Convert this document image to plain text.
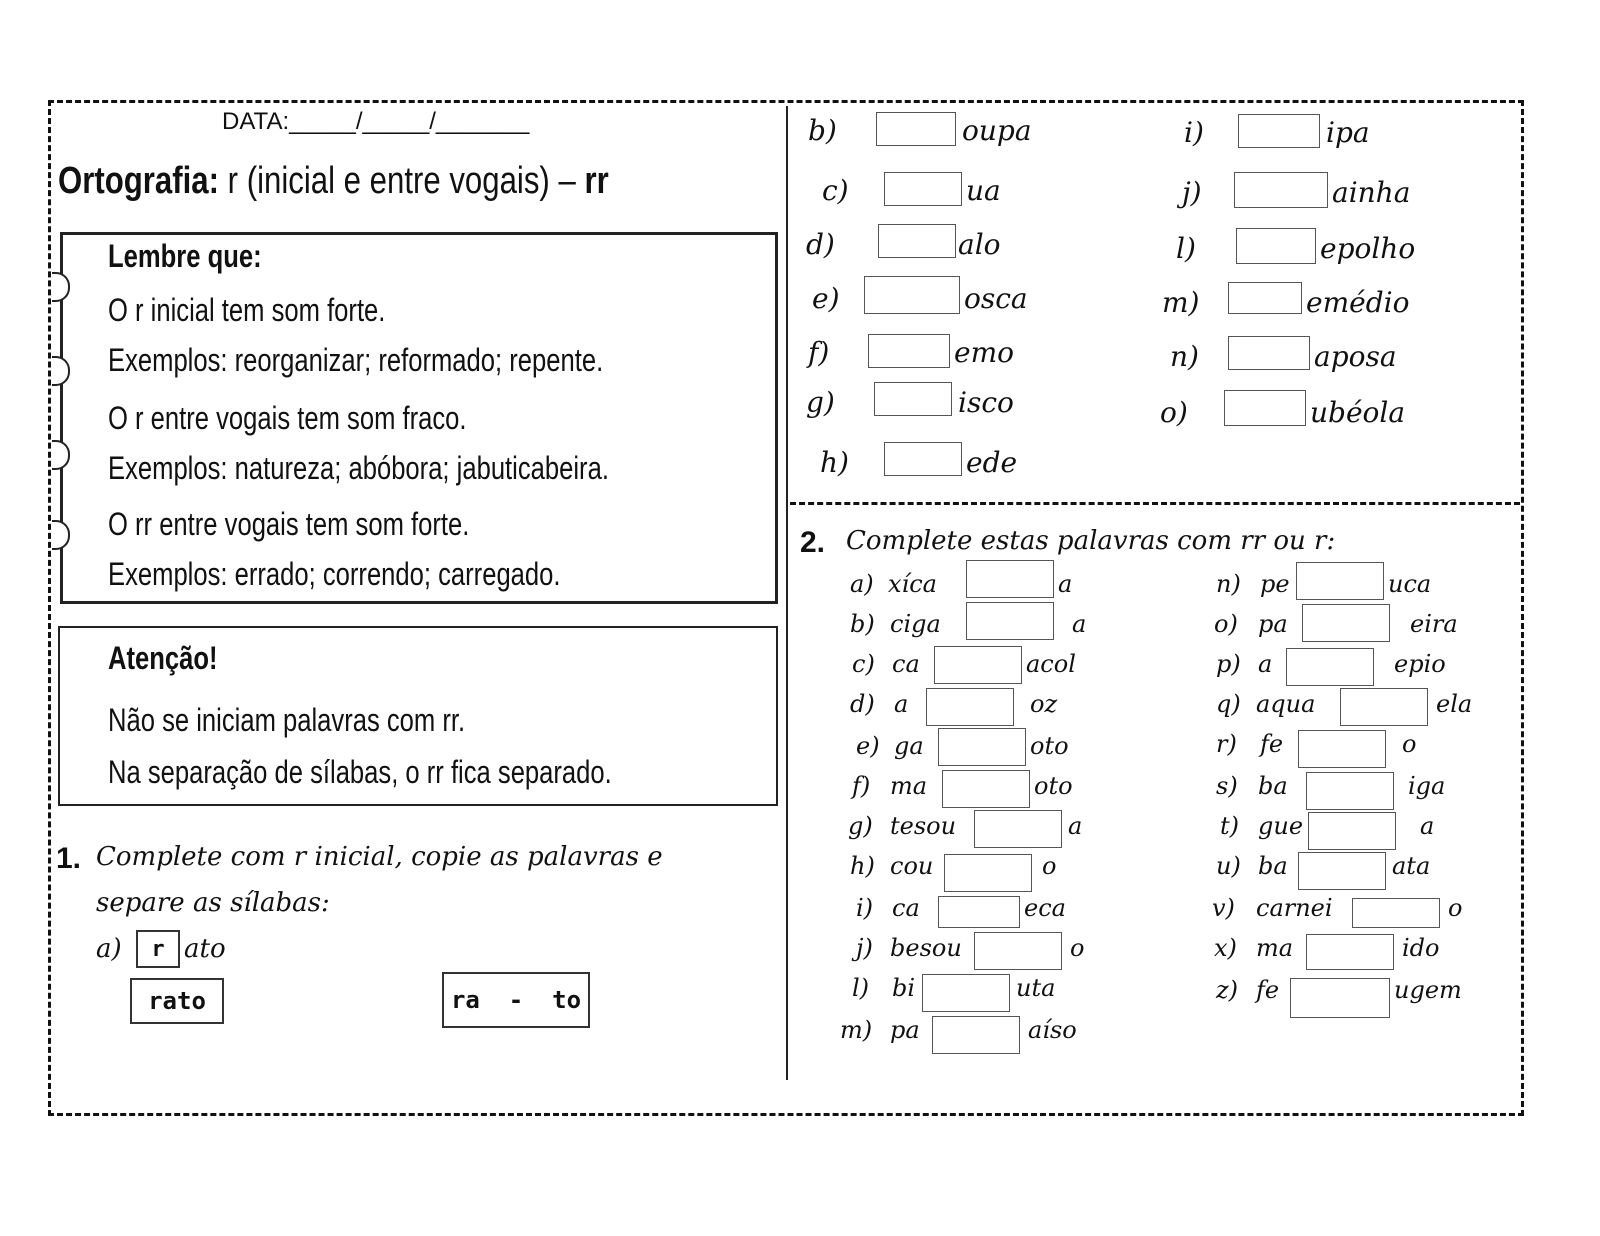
DATA:_____/_____/_______
Ortografia: r (inicial e entre vogais) – rr
Lembre que:
O r inicial tem som forte.
Exemplos: reorganizar; reformado; repente.
O r entre vogais tem som fraco.
Exemplos: natureza; abóbora; jabuticabeira.
O rr entre vogais tem som forte.
Exemplos: errado; correndo; carregado.
Atenção!
Não se iniciam palavras com rr.
Na separação de sílabas, o rr fica separado.
1. Complete com r inicial, copie as palavras e
separe as sílabas:
a)	r ato
rato	ra  -  to
b)	oupa
c)	ua
d)	alo
e)	osca
f)	emo
g)	isco
h)	ede
i)	ipa
j)	ainha
l)	epolho
m)	emédio
n)	aposa
o)	ubéola
2. Complete estas palavras com rr ou r:
a) xíca	a
b) ciga	a
c) ca	acol
d) a	oz
e) ga	oto
f) ma	oto
g) tesou	a
h) cou	o
i) ca	eca
j) besou	o
l) bi	uta
m) pa	aíso
n) pe	uca
o) pa	eira
p) a	epio
q) aqua	ela
r) fe	o
s) ba	iga
t) gue	a
u) ba	ata
v) carnei	o
x) ma	ido
z) fe	ugem
